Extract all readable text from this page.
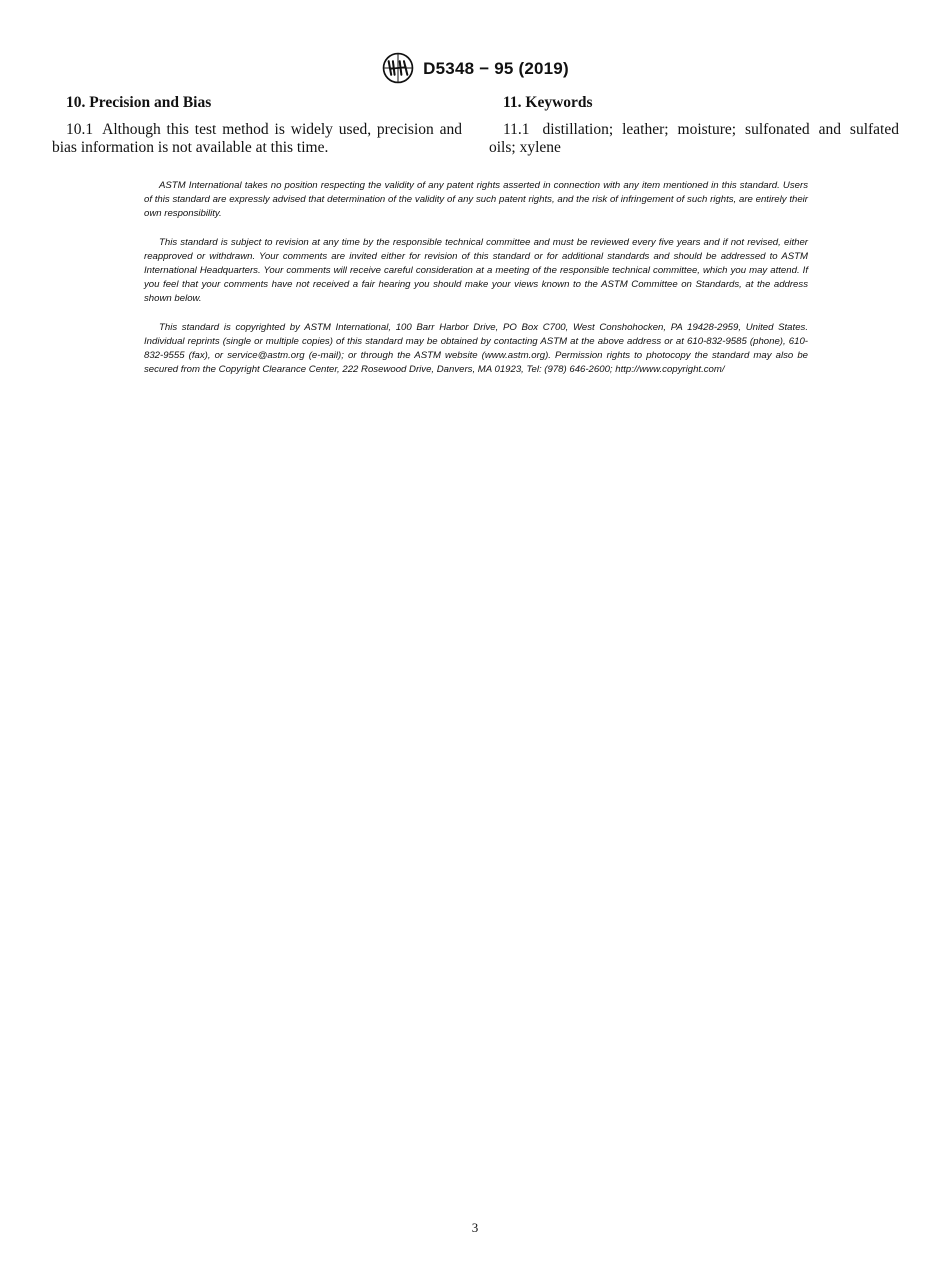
D5348 − 95 (2019)
10. Precision and Bias

10.1 Although this test method is widely used, precision and bias information is not available at this time.

11. Keywords

11.1 distillation; leather; moisture; sulfonated and sulfated oils; xylene

ASTM International takes no position respecting the validity of any patent rights asserted in connection with any item mentioned in this standard. Users of this standard are expressly advised that determination of the validity of any such patent rights, and the risk of infringement of such rights, are entirely their own responsibility.

This standard is subject to revision at any time by the responsible technical committee and must be reviewed every five years and if not revised, either reapproved or withdrawn. Your comments are invited either for revision of this standard or for additional standards and should be addressed to ASTM International Headquarters. Your comments will receive careful consideration at a meeting of the responsible technical committee, which you may attend. If you feel that your comments have not received a fair hearing you should make your views known to the ASTM Committee on Standards, at the address shown below.

This standard is copyrighted by ASTM International, 100 Barr Harbor Drive, PO Box C700, West Conshohocken, PA 19428-2959, United States. Individual reprints (single or multiple copies) of this standard may be obtained by contacting ASTM at the above address or at 610-832-9585 (phone), 610-832-9555 (fax), or service@astm.org (e-mail); or through the ASTM website (www.astm.org). Permission rights to photocopy the standard may also be secured from the Copyright Clearance Center, 222 Rosewood Drive, Danvers, MA 01923, Tel: (978) 646-2600; http://www.copyright.com/

3
